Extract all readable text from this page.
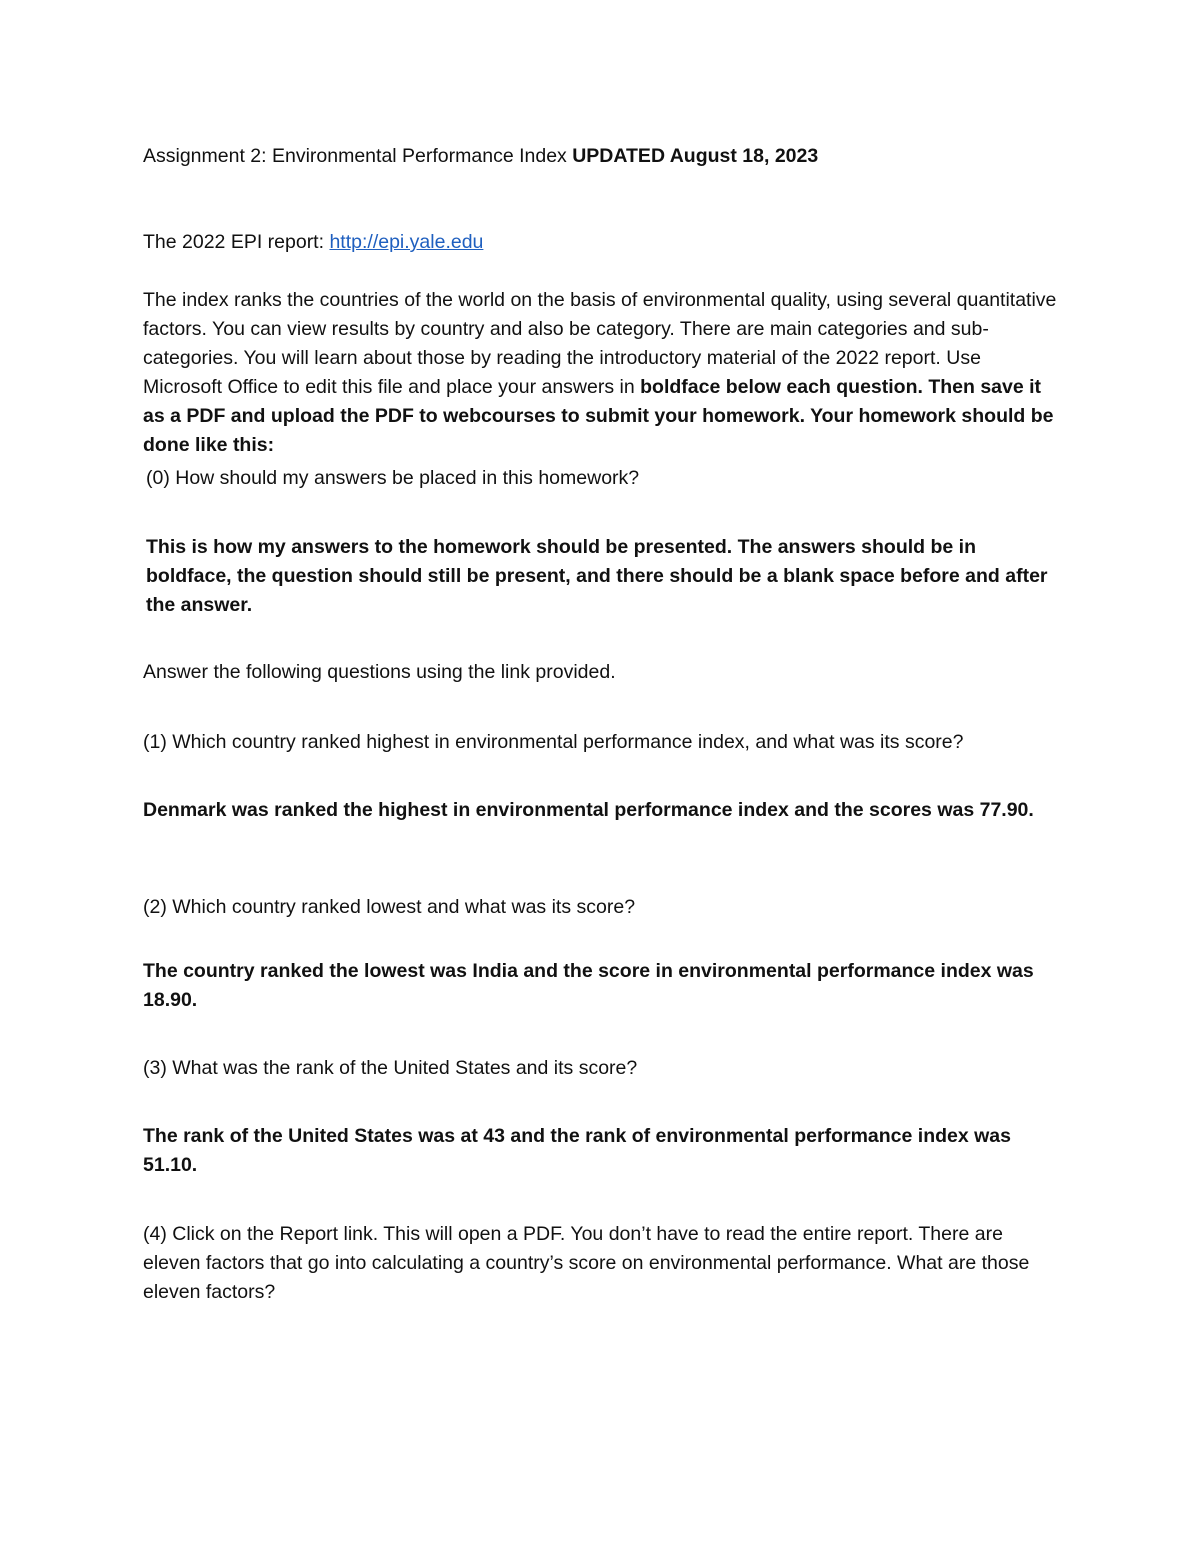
Assignment 2: Environmental Performance Index UPDATED August 18, 2023

The 2022 EPI report: http://epi.yale.edu

The index ranks the countries of the world on the basis of environmental quality, using several quantitative factors. You can view results by country and also be category. There are main categories and sub-categories. You will learn about those by reading the introductory material of the 2022 report. Use Microsoft Office to edit this file and place your answers in boldface below each question. Then save it as a PDF and upload the PDF to webcourses to submit your homework. Your homework should be done like this:

(0) How should my answers be placed in this homework?

This is how my answers to the homework should be presented. The answers should be in boldface, the question should still be present, and there should be a blank space before and after the answer.

Answer the following questions using the link provided.

(1) Which country ranked highest in environmental performance index, and what was its score?

Denmark was ranked the highest in environmental performance index and the scores was 77.90.

(2) Which country ranked lowest and what was its score?

The country ranked the lowest was India and the score in environmental performance index was 18.90.

(3) What was the rank of the United States and its score?

The rank of the United States was at 43 and the rank of environmental performance index was 51.10.

(4) Click on the Report link. This will open a PDF. You don’t have to read the entire report. There are eleven factors that go into calculating a country’s score on environmental performance. What are those eleven factors?
